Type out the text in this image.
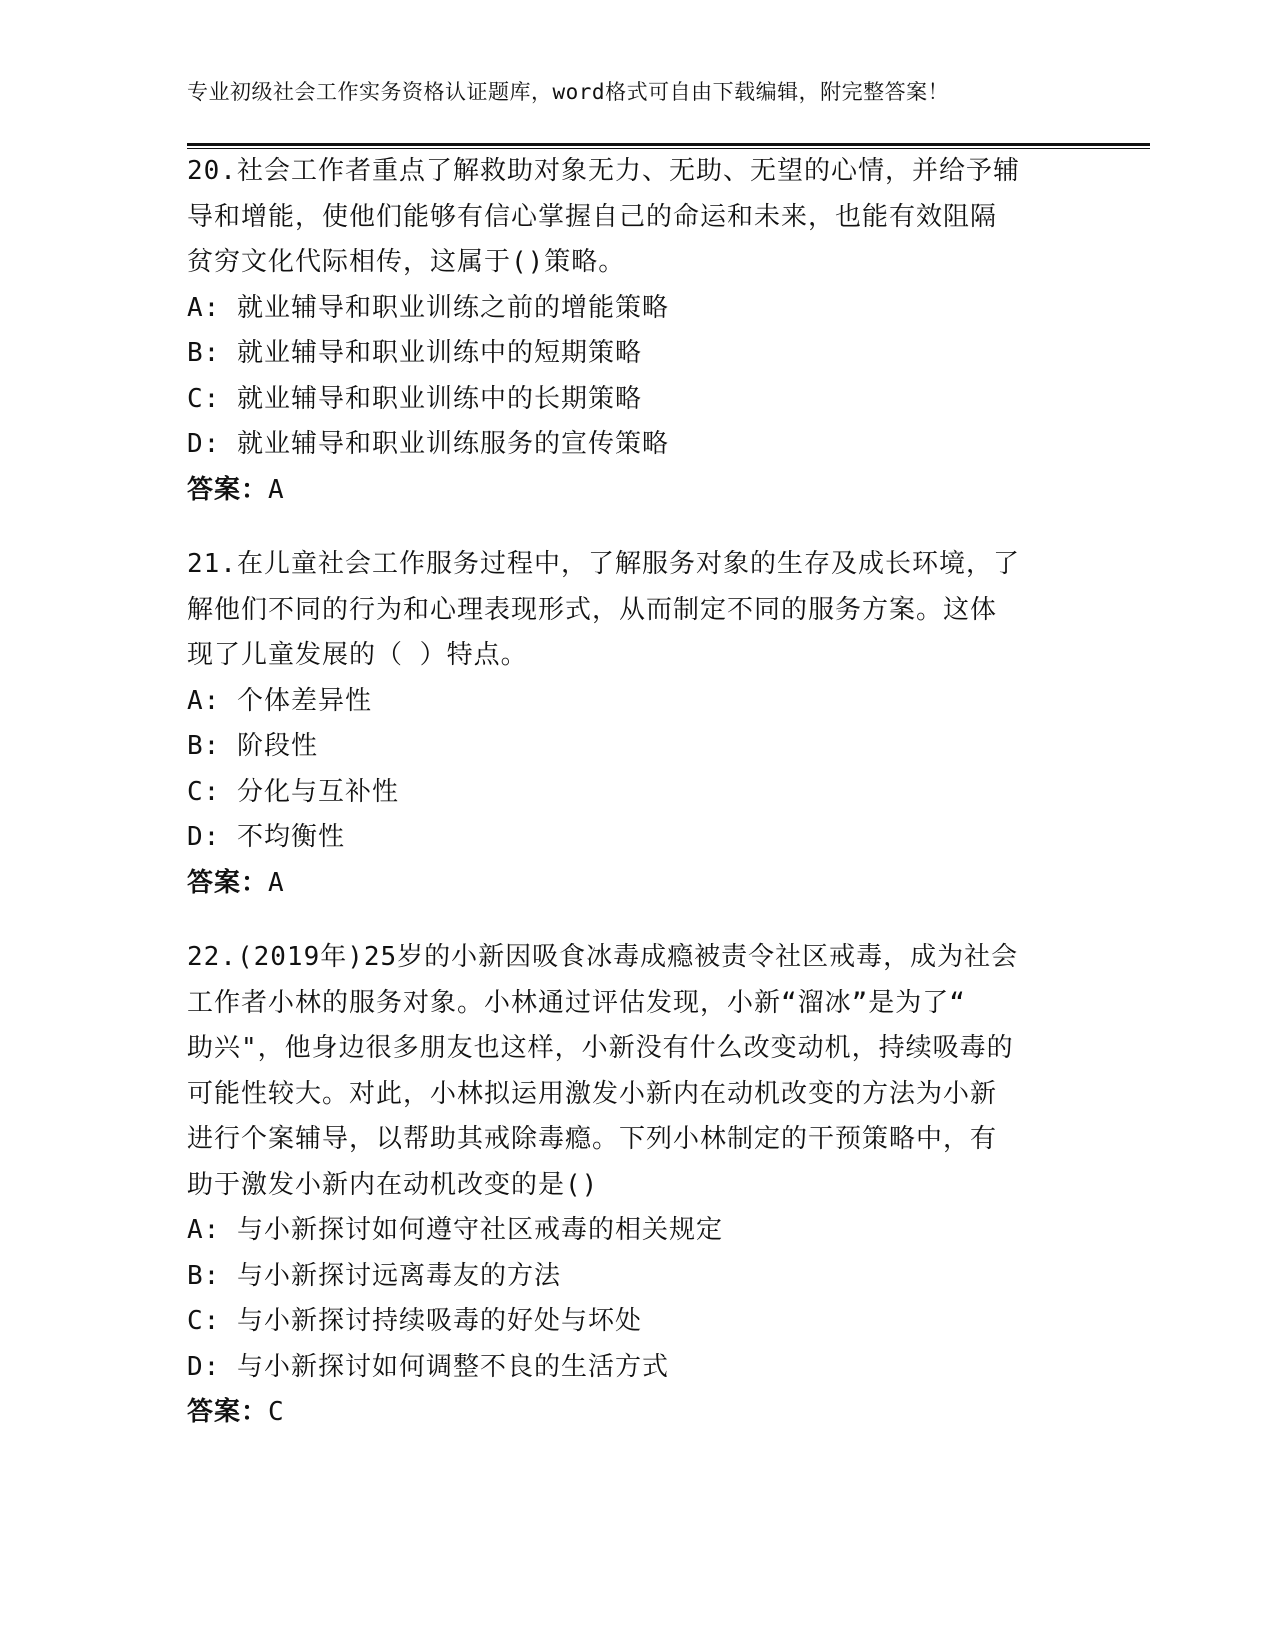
专业初级社会工作实务资格认证题库，word格式可自由下载编辑，附完整答案！
20.社会工作者重点了解救助对象无力、无助、无望的心情，并给予辅
导和增能，使他们能够有信心掌握自己的命运和未来，也能有效阻隔
贫穷文化代际相传，这属于()策略。
A: 就业辅导和职业训练之前的增能策略
B: 就业辅导和职业训练中的短期策略
C: 就业辅导和职业训练中的长期策略
D: 就业辅导和职业训练服务的宣传策略
答案：A
21.在儿童社会工作服务过程中，了解服务对象的生存及成长环境，了
解他们不同的行为和心理表现形式，从而制定不同的服务方案。这体
现了儿童发展的（ ）特点。
A: 个体差异性
B: 阶段性
C: 分化与互补性
D: 不均衡性
答案：A
22.(2019年)25岁的小新因吸食冰毒成瘾被责令社区戒毒，成为社会
工作者小林的服务对象。小林通过评估发现，小新“溜冰”是为了“
助兴"，他身边很多朋友也这样，小新没有什么改变动机，持续吸毒的
可能性较大。对此，小林拟运用激发小新内在动机改变的方法为小新
进行个案辅导，以帮助其戒除毒瘾。下列小林制定的干预策略中，有
助于激发小新内在动机改变的是()
A: 与小新探讨如何遵守社区戒毒的相关规定
B: 与小新探讨远离毒友的方法
C: 与小新探讨持续吸毒的好处与坏处
D: 与小新探讨如何调整不良的生活方式
答案：C
